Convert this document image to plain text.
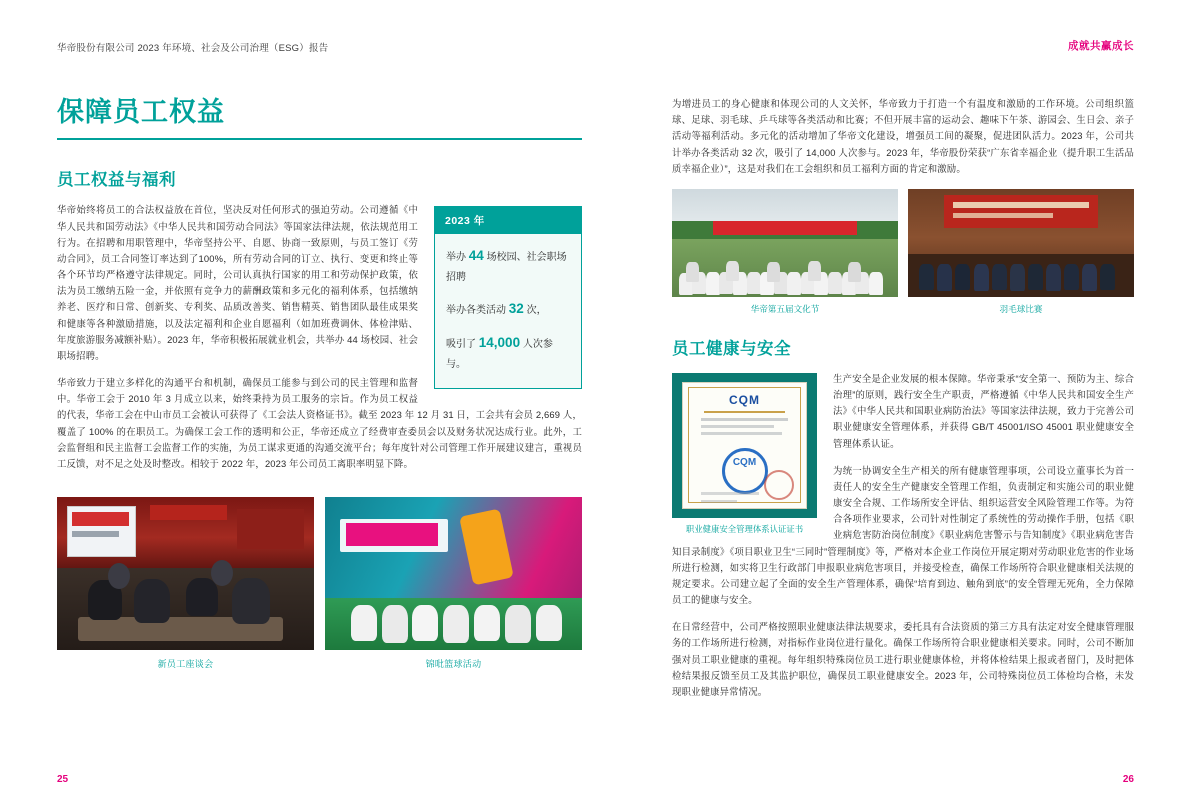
华帝股份有限公司 2023 年环境、社会及公司治理（ESG）报告	成就共赢成长
保障员工权益
员工权益与福利
2023 年
举办 44 场校园、社会职场招聘
举办各类活动 32 次，
吸引了 14,000 人次参与。

华帝始终将员工的合法权益放在首位，坚决反对任何形式的强迫劳动。公司遵循《中华人民共和国劳动法》《中华人民共和国劳动合同法》等国家法律法规，依法规范用工行为。在招聘和用职管理中，华帝坚持公平、自愿、协商一致原则，与员工签订《劳动合同》，员工合同签订率达到了100%，所有劳动合同的订立、执行、变更和终止等各个环节均严格遵守法律规定。同时，公司认真执行国家的用工和劳动保护政策，依法为员工缴纳五险一金，并依照有竞争力的薪酬政策和多元化的福利体系，包括缴纳养老、医疗和日常、创新奖、专利奖、品质改善奖、销售精英、销售团队最佳成果奖和健康等各种激励措施，以及法定福利和企业自愿福利（如加班费调休、体检津贴、年度旅游服务减额补贴）。2023 年，华帝积极拓展就业机会，共举办 44 场校园、社会职场招聘。

华帝致力于建立多样化的沟通平台和机制，确保员工能参与到公司的民主管理和监督中。华帝工会于 2010 年 3 月成立以来，始终秉持为员工服务的宗旨。作为员工权益的代表，华帝工会在中山市员工会被认可获得了《工会法人资格证书》。截至 2023 年 12 月 31 日，工会共有会员 2,669 人，覆盖了 100% 的在职员工。为确保工会工作的透明和公正，华帝还成立了经费审查委员会以及财务状况达成行业。此外，工会监督组和民主监督工会监督工作的实施，为员工谋求更通的沟通交流平台；每年度针对公司管理工作开展建议建言，重视员工反馈，对不足之处及时整改。相较于 2022 年，2023 年公司员工离职率明显下降。

新员工座谈会	锦吡篮球活动

为增进员工的身心健康和体现公司的人文关怀，华帝致力于打造一个有温度和激励的工作环境。公司组织篮球、足球、羽毛球、乒乓球等各类活动和比赛；不但开展丰富的运动会、趣味下午茶、游园会、生日会、亲子活动等福利活动。多元化的活动增加了华帝文化建设，增强员工间的凝聚，促进团队活力。2023 年，公司共计举办各类活动 32 次，吸引了 14,000 人次参与。2023 年，华帝股份荣获“广东省幸福企业（提升职工生活品质幸福企业）”，这是对我们在工会组织和员工福利方面的肯定和激励。

华帝第五届文化节	羽毛球比赛
员工健康与安全
CQM
CQM
职业健康安全管理体系认证证书

生产安全是企业发展的根本保障。华帝秉承“安全第一、预防为主、综合治理”的原则，践行安全生产职责，严格遵循《中华人民共和国安全生产法》《中华人民共和国职业病防治法》等国家法律法规，致力于完善公司职业健康安全管理体系，并获得 GB/T 45001/ISO 45001 职业健康安全管理体系认证。

为统一协调安全生产相关的所有健康管理事项，公司设立董事长为首一责任人的安全生产健康安全管理工作组，负责制定和实施公司的职业健康安全合规、工作场所安全评估、组织运营安全风险管理工作等。为符合各项作业要求，公司针对性制定了系统性的劳动操作手册，包括《职业病危害防治岗位制度》《职业病危害警示与告知制度》《职业病危害告知目录制度》《项目职业卫生“三同时”管理制度》等，严格对本企业工作岗位开展定期对劳动职业危害的作业场所进行检测，如实将卫生行政部门申报职业病危害项目，并接受检查，确保工作场所符合职业健康相关法规的规定要求。公司建立起了全面的安全生产管理体系，确保“培育到边、触角到底”的安全管理无死角，全力保障员工的健康与安全。

在日常经营中，公司严格按照职业健康法律法规要求，委托具有合法资质的第三方具有法定对安全健康管理服务的工作场所进行检测，对指标作业岗位进行量化。确保工作场所符合职业健康相关要求。同时，公司不断加强对员工职业健康的重视。每年组织特殊岗位员工进行职业健康体检，并将体检结果上报或者留门，及时把体检结果报反馈至员工及其监护职位，确保员工职业健康安全。2023 年，公司特殊岗位员工体检均合格，未发现职业健康异常情况。

25	26
